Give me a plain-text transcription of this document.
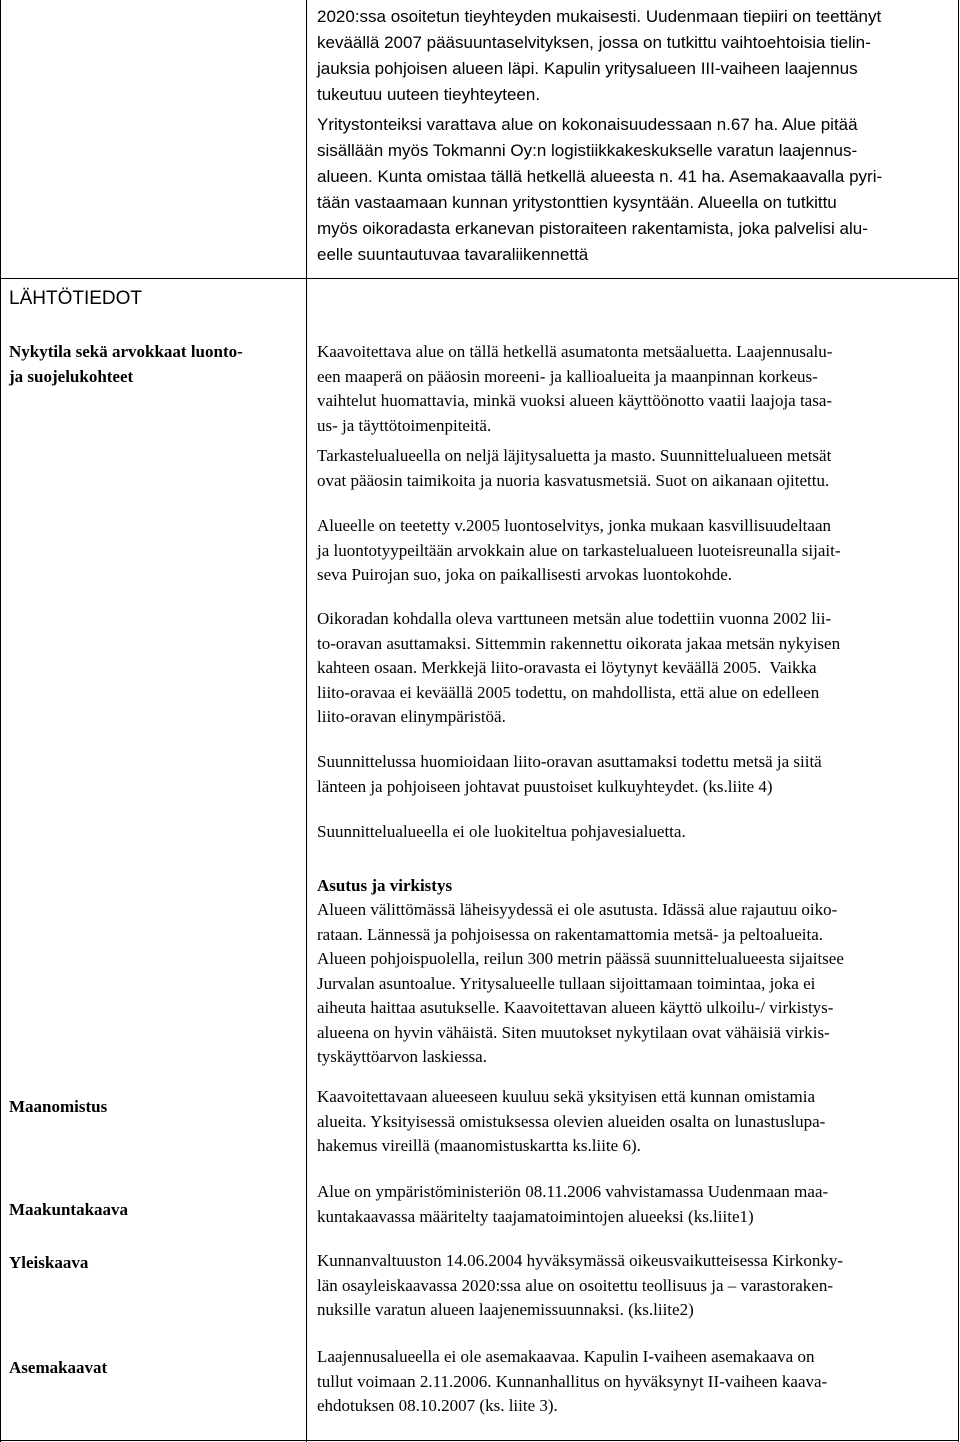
2020:ssa osoitetun tieyhteyden mukaisesti. Uudenmaan tiepiiri on teettänyt
keväällä 2007 pääsuuntaselvityksen, jossa on tutkittu vaihtoehtoisia tielin-
jauksia pohjoisen alueen läpi. Kapulin yritysalueen III-vaiheen laajennus
tukeutuu uuteen tieyhteyteen.

Yritystonteiksi varattava alue on kokonaisuudessaan n.67 ha. Alue pitää
sisällään myös Tokmanni Oy:n logistiikkakeskukselle varatun laajennus-
alueen. Kunta omistaa tällä hetkellä alueesta n. 41 ha. Asemakaavalla pyri-
tään vastaamaan kunnan yritystonttien kysyntään. Alueella on tutkittu
myös oikoradasta erkanevan pistoraiteen rakentamista, joka palvelisi alu-
eelle suuntautuvaa tavaraliikennettä

LÄHTÖTIEDOT

Nykytila sekä arvokkaat luonto-
ja suojelukohteet

Kaavoitettava alue on tällä hetkellä asumatonta metsäaluetta. Laajennusalu-
een maaperä on pääosin moreeni- ja kallioalueita ja maanpinnan korkeus-
vaihtelut huomattavia, minkä vuoksi alueen käyttöönotto vaatii laajoja tasa-
us- ja täyttötoimenpiteitä.

Tarkastelualueella on neljä läjitysaluetta ja masto. Suunnittelualueen metsät
ovat pääosin taimikoita ja nuoria kasvatusmetsiä. Suot on aikanaan ojitettu.

Alueelle on teetetty v.2005 luontoselvitys, jonka mukaan kasvillisuudeltaan
ja luontotyypeiltään arvokkain alue on tarkastelualueen luoteisreunalla sijait-
seva Puirojan suo, joka on paikallisesti arvokas luontokohde.

Oikoradan kohdalla oleva varttuneen metsän alue todettiin vuonna 2002 lii-
to-oravan asuttamaksi. Sittemmin rakennettu oikorata jakaa metsän nykyisen
kahteen osaan. Merkkejä liito-oravasta ei löytynyt keväällä 2005.  Vaikka
liito-oravaa ei keväällä 2005 todettu, on mahdollista, että alue on edelleen
liito-oravan elinympäristöä.

Suunnittelussa huomioidaan liito-oravan asuttamaksi todettu metsä ja siitä
länteen ja pohjoiseen johtavat puustoiset kulkuyhteydet. (ks.liite 4)

Suunnittelualueella ei ole luokiteltua pohjavesialuetta.

Asutus ja virkistys

Alueen välittömässä läheisyydessä ei ole asutusta. Idässä alue rajautuu oiko-
rataan. Lännessä ja pohjoisessa on rakentamattomia metsä- ja peltoalueita.
Alueen pohjoispuolella, reilun 300 metrin päässä suunnittelualueesta sijaitsee
Jurvalan asuntoalue. Yritysalueelle tullaan sijoittamaan toimintaa, joka ei
aiheuta haittaa asutukselle. Kaavoitettavan alueen käyttö ulkoilu-/ virkistys-
alueena on hyvin vähäistä. Siten muutokset nykytilaan ovat vähäisiä virkis-
tyskäyttöarvon laskiessa.

Maanomistus

Kaavoitettavaan alueeseen kuuluu sekä yksityisen että kunnan omistamia
alueita. Yksityisessä omistuksessa olevien alueiden osalta on lunastuslupa-
hakemus vireillä (maanomistuskartta ks.liite 6).

Maakuntakaava

Alue on ympäristöministeriön 08.11.2006 vahvistamassa Uudenmaan maa-
kuntakaavassa määritelty taajamatoimintojen alueeksi (ks.liite1)

Yleiskaava	Kunnanvaltuuston 14.06.2004 hyväksymässä oikeusvaikutteisessa Kirkonky-
län osayleiskaavassa 2020:ssa alue on osoitettu teollisuus ja – varastoraken-
nuksille varatun alueen laajenemissuunnaksi. (ks.liite2)

Asemakaavat

Laajennusalueella ei ole asemakaavaa. Kapulin I-vaiheen asemakaava on
tullut voimaan 2.11.2006. Kunnanhallitus on hyväksynyt II-vaiheen kaava-
ehdotuksen 08.10.2007 (ks. liite 3).
